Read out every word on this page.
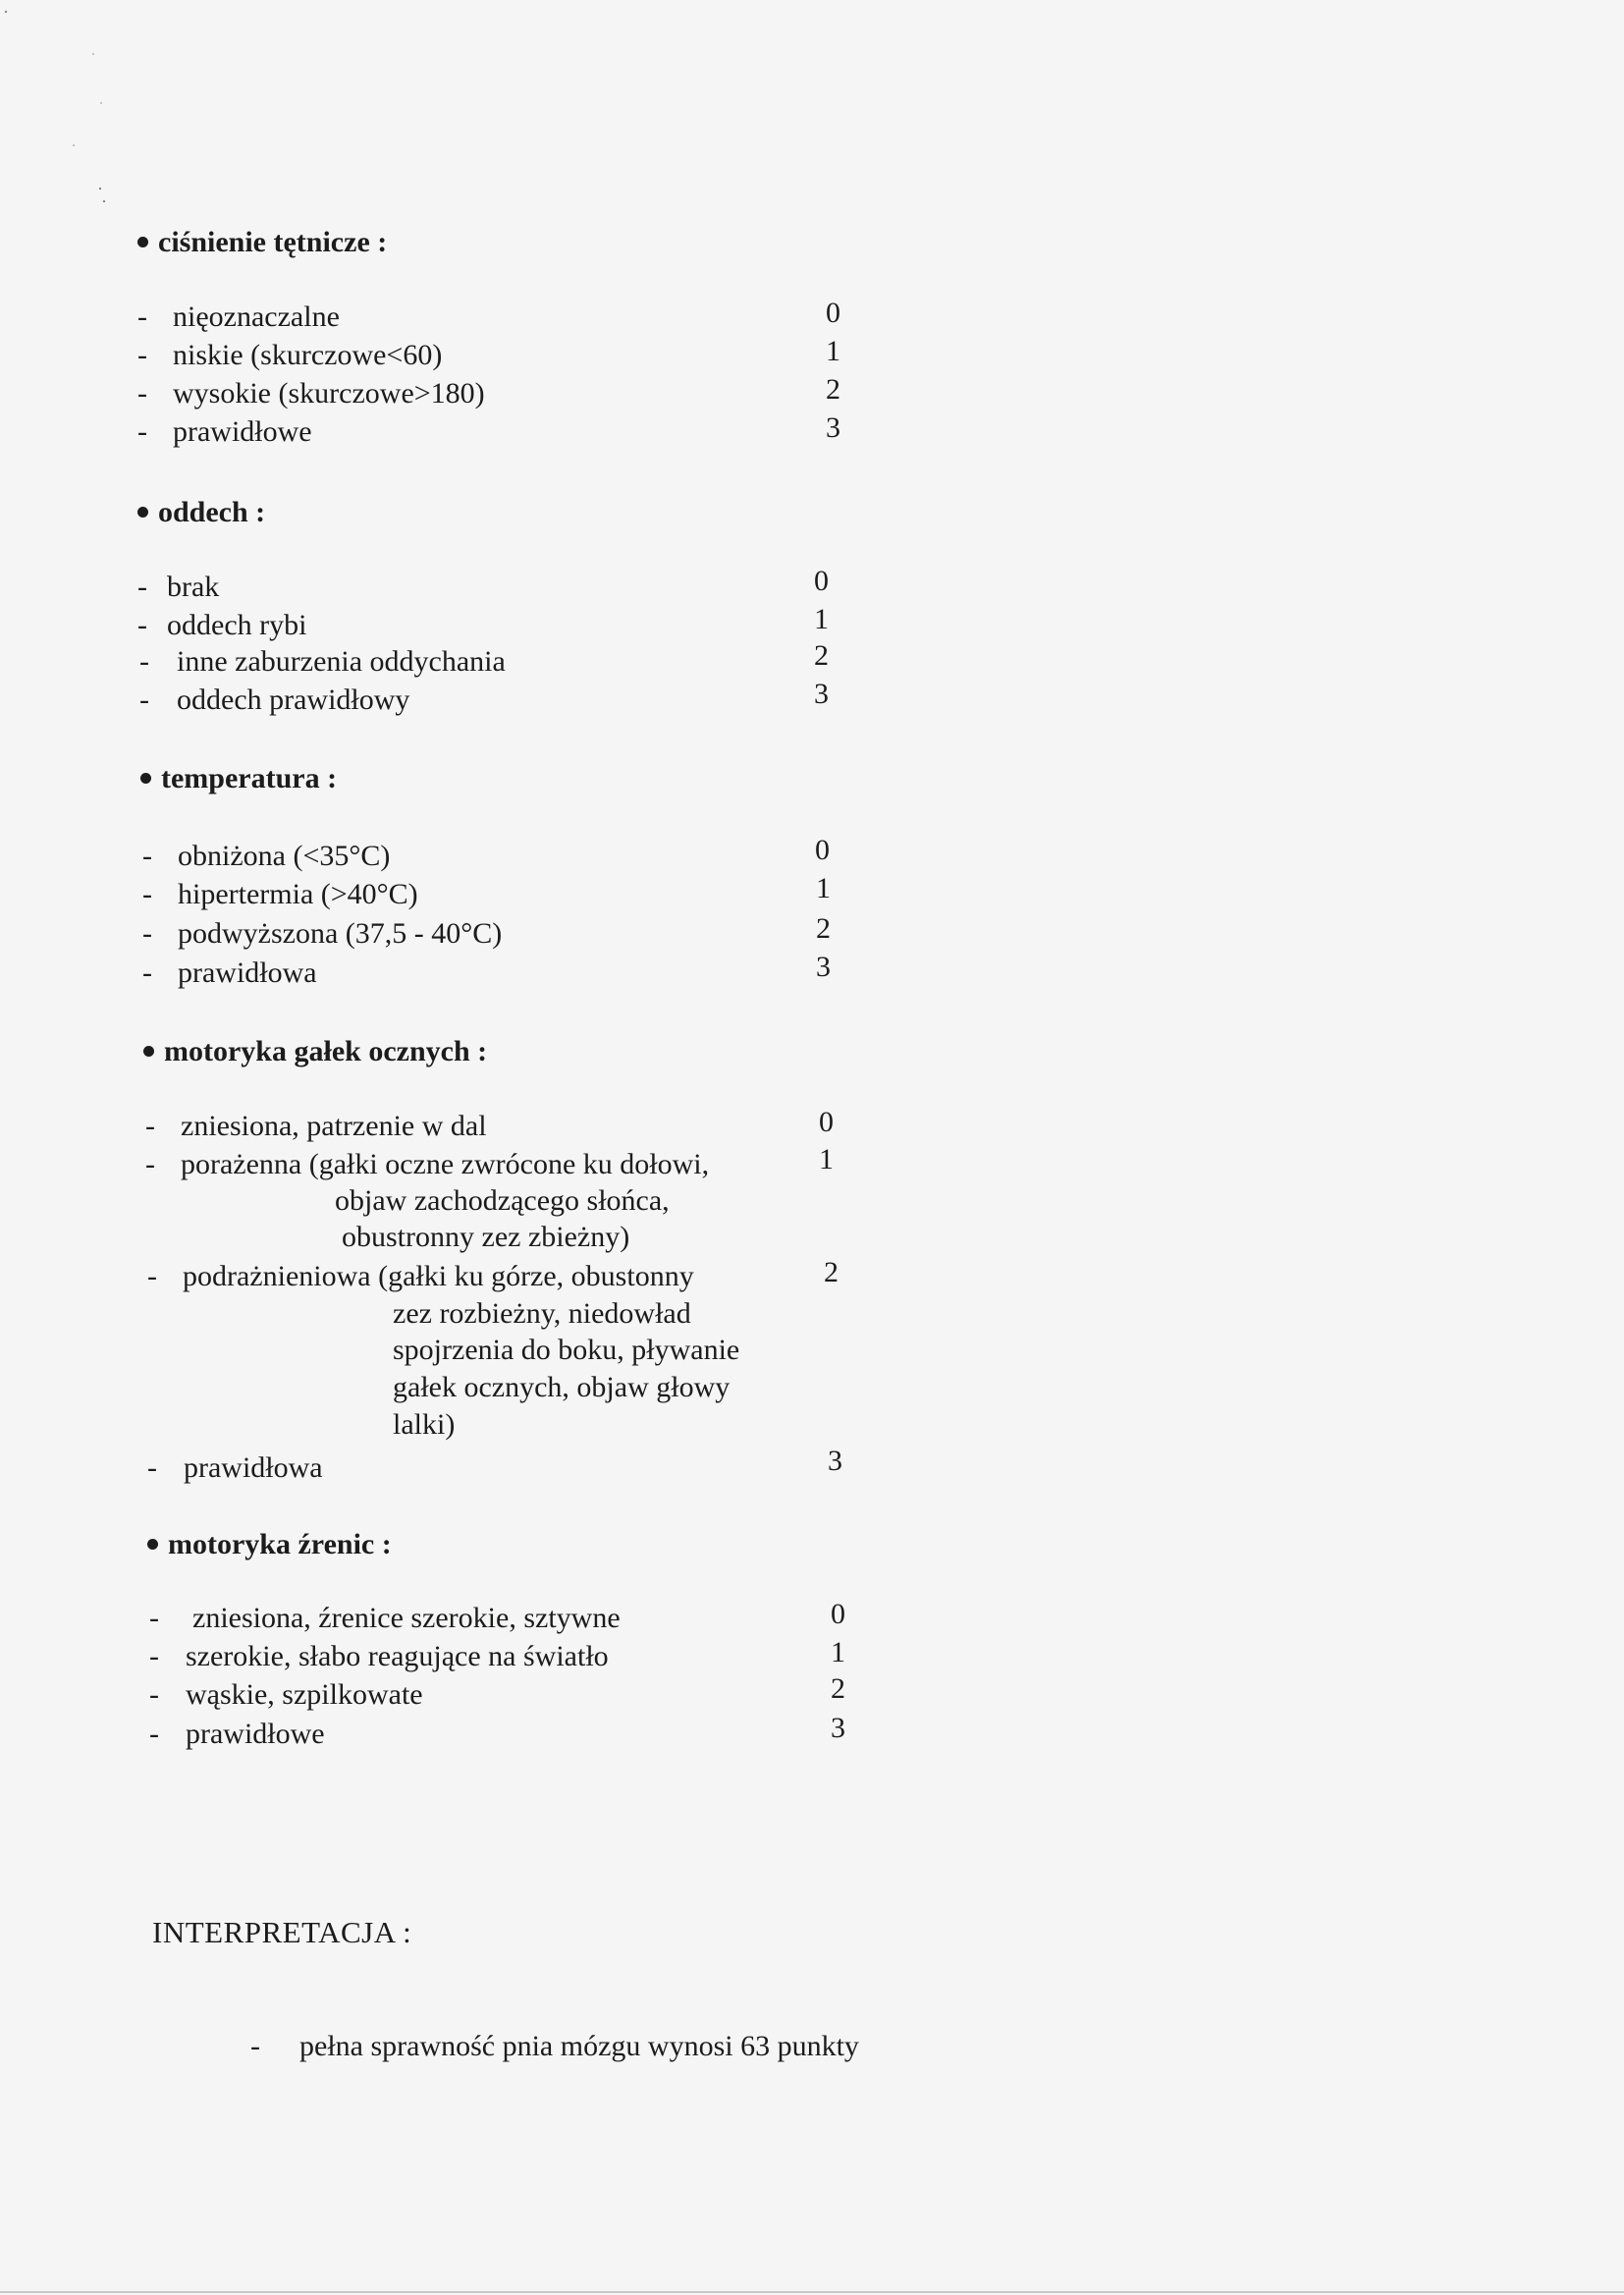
ciśnienie tętnicze :
- nięoznaczalne	0
- niskie (skurczowe<60)	1
- wysokie (skurczowe>180)	2
- prawidłowe	3
oddech :
- brak	0
- oddech rybi	1
- inne zaburzenia oddychania	2
- oddech prawidłowy	3
temperatura :
- obniżona (<35°C)	0
- hipertermia (>40°C)	1
- podwyższona (37,5 - 40°C)	2
- prawidłowa	3
motoryka gałek ocznych :
- zniesiona, patrzenie w dal	0
- porażenna (gałki oczne zwrócone ku dołowi,	1
objaw zachodzącego słońca,
obustronny zez zbieżny)
- podrażnieniowa (gałki ku górze, obustonny	2
zez rozbieżny, niedowład
spojrzenia do boku, pływanie
gałek ocznych, objaw głowy
lalki)
- prawidłowa	3
motoryka źrenic :
- zniesiona, źrenice szerokie, sztywne	0
- szerokie, słabo reagujące na światło	1
- wąskie, szpilkowate	2
- prawidłowe	3
INTERPRETACJA :
- pełna sprawność pnia mózgu wynosi 63 punkty
